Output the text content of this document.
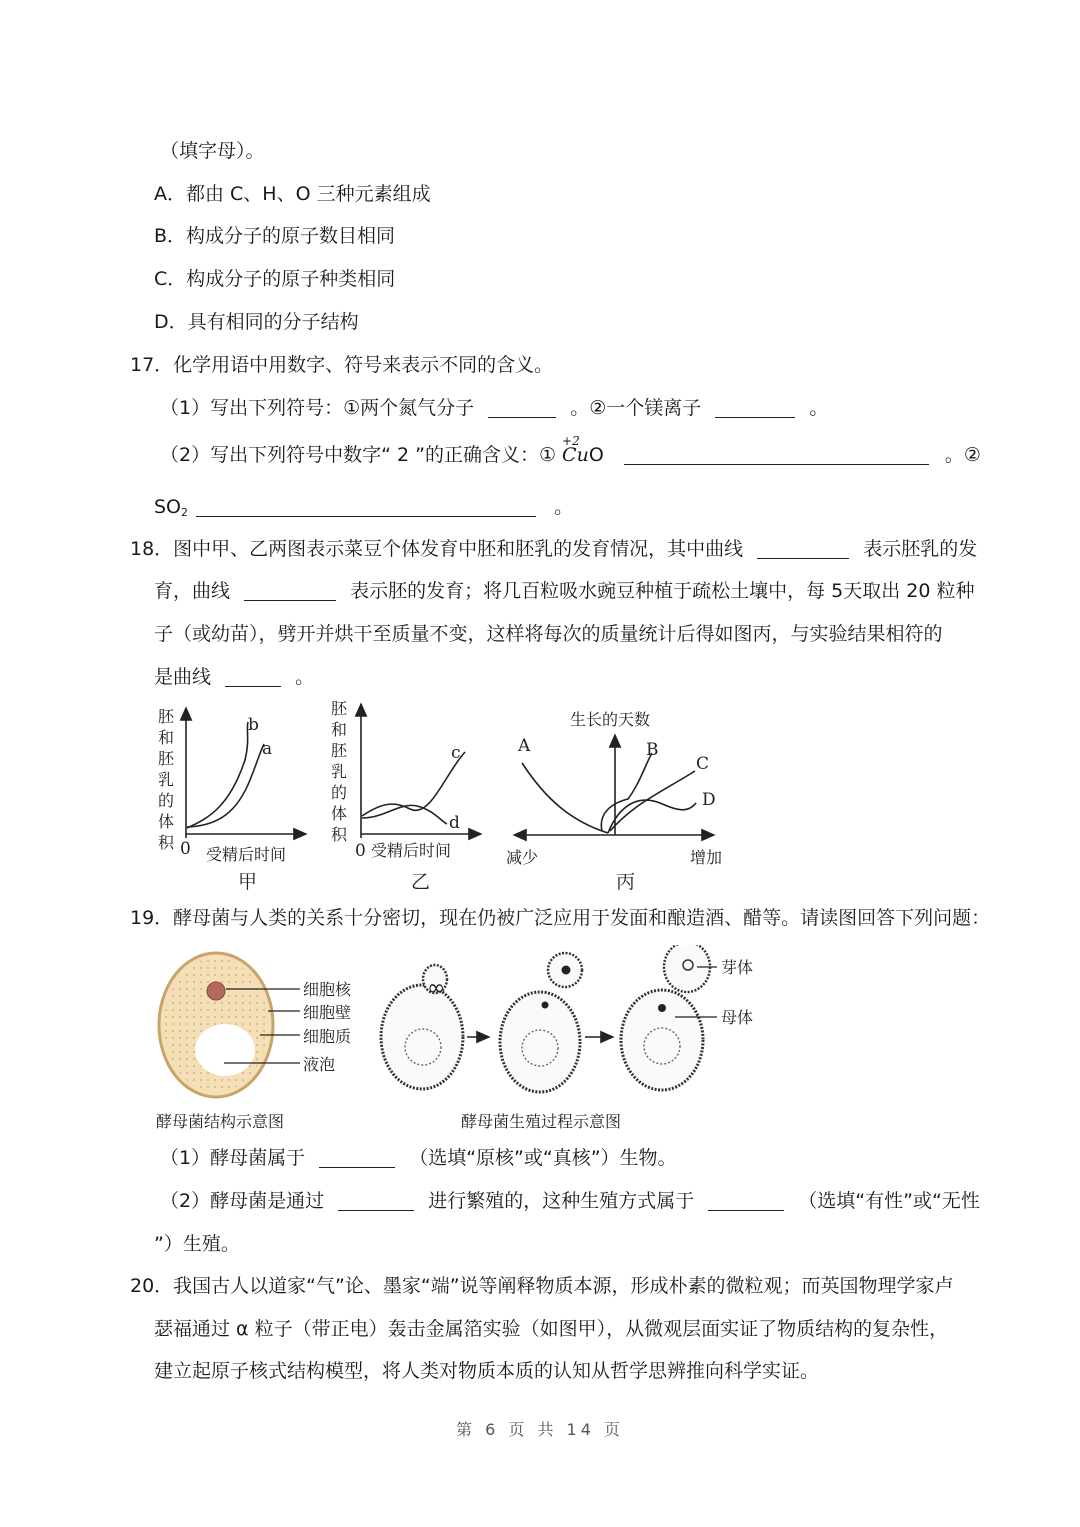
（填字母）。
A．都由 C、H、O 三种元素组成
B．构成分子的原子数目相同
C．构成分子的原子种类相同
D．具有相同的分子结构
17．化学用语中用数字、符号来表示不同的含义。
（1）写出下列符号：①两个氮气分子	。②一个镁离子	。
（2）写出下列符号中数字“ 2 ”的正确含义：①
+2
CuO	。②
$SO_2$	。
18．图中甲、乙两图表示菜豆个体发育中胚和胚乳的发育情况，其中曲线	表示胚乳的发
育，曲线	表示胚的发育；将几百粒吸水豌豆种植于疏松土壤中，每 5天取出 20 粒种
子（或幼苗），劈开并烘干至质量不变，这样将每次的质量统计后得如图丙，与实验结果相符的
是曲线	。
胚
和
胚
乳
的
体
积
b
a
0 受精后时间
甲
胚
和
胚
乳
的
体
积
c
d
0 受精后时间
乙
生长的天数
A	B
C
D
减少	增加
丙
19．酵母菌与人类的关系十分密切，现在仍被广泛应用于发面和酿造酒、醋等。请读图回答下列问题：
细胞核
细胞壁
细胞质
液泡
酵母菌结构示意图
∞
芽体
母体
酵母菌生殖过程示意图
（1）酵母菌属于	（选填“原核”或“真核”）生物。
（2）酵母菌是通过	进行繁殖的，这种生殖方式属于	（选填“有性”或“无性
”）生殖。
20．我国古人以道家“气”论、墨家“端”说等阐释物质本源，形成朴素的微粒观；而英国物理学家卢
瑟福通过 α 粒子（带正电）轰击金属箔实验（如图甲），从微观层面实证了物质结构的复杂性，
建立起原子核式结构模型，将人类对物质本质的认知从哲学思辨推向科学实证。
第 6 页 共 14 页
